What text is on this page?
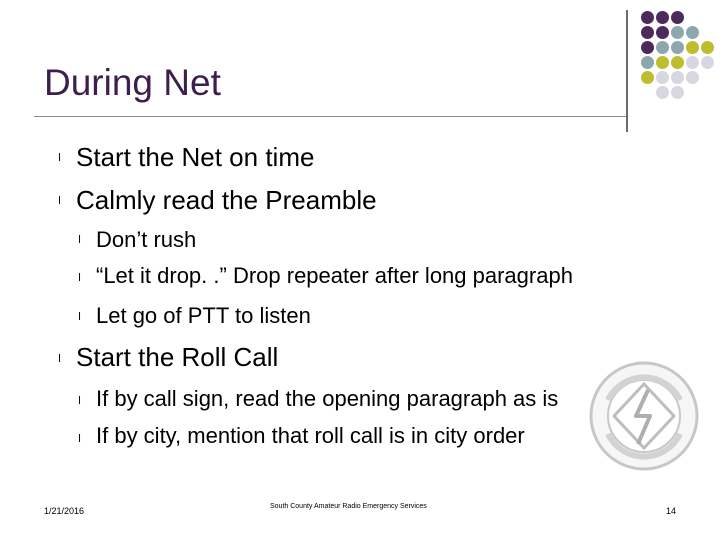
During Net
l Start the Net on time
l Calmly read the Preamble
l Don’t rush
l “Let it drop. .” Drop repeater after long paragraph
l Let go of PTT to listen
l Start the Roll Call
l If by call sign, read the opening paragraph as is
l If by city, mention that roll call is in city order
1/21/2016	South County Amateur Radio Emergency Services	14
